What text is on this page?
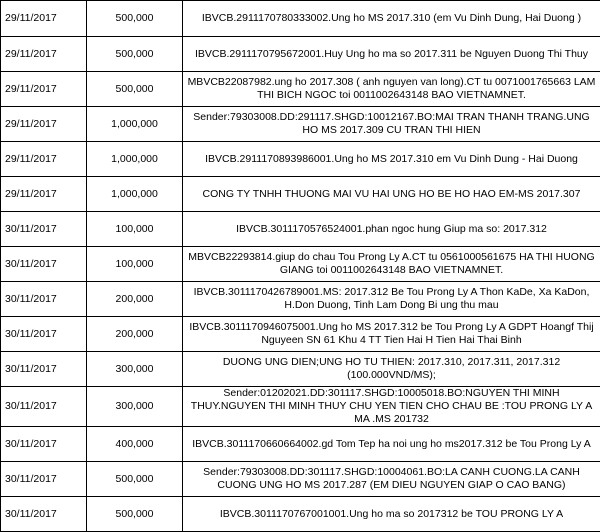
29/11/2017	500,000	IBVCB.2911170780333002.Ung ho MS 2017.310 (em Vu Dinh Dung, Hai Duong )
29/11/2017	500,000	IBVCB.2911170795672001.Huy Ung ho ma so 2017.311 be Nguyen Duong Thi Thuy
29/11/2017	500,000	MBVCB22087982.ung ho 2017.308 ( anh nguyen van long).CT tu 0071001765663 LAM THI BICH NGOC toi 0011002643148 BAO VIETNAMNET.
29/11/2017	1,000,000	Sender:79303008.DD:291117.SHGD:10012167.BO:MAI TRAN THANH TRANG.UNG HO MS 2017.309 CU TRAN THI HIEN
29/11/2017	1,000,000	IBVCB.2911170893986001.Ung ho MS 2017.310 em Vu Dinh Dung - Hai Duong
29/11/2017	1,000,000	CONG TY TNHH THUONG MAI VU HAI UNG HO BE HO HAO EM-MS 2017.307
30/11/2017	100,000	IBVCB.3011170576524001.phan ngoc hung Giup ma so: 2017.312
30/11/2017	100,000	MBVCB22293814.giup do chau Tou Prong Ly A.CT tu 0561000561675 HA THI HUONG GIANG toi 0011002643148 BAO VIETNAMNET.
30/11/2017	200,000	IBVCB.3011170426789001.MS: 2017.312 Be Tou Prong Ly A Thon KaDe, Xa KaDon, H.Don Duong, Tinh Lam Dong Bi ung thu mau
30/11/2017	200,000	IBVCB.3011170946075001.Ung ho MS 2017.312 be Tou Prong Ly A GDPT Hoangf Thij Nguyeen SN 61 Khu 4 TT Tien Hai H Tien Hai Thai Binh
30/11/2017	300,000	DUONG UNG DIEN;UNG HO TU THIEN: 2017.310, 2017.311, 2017.312 (100.000VND/MS);
30/11/2017	300,000	Sender:01202021.DD:301117.SHGD:10005018.BO:NGUYEN THI MINH THUY.NGUYEN THI MINH THUY CHU YEN TIEN CHO CHAU BE :TOU PRONG LY A MA .MS 201732
30/11/2017	400,000	IBVCB.3011170660664002.gd Tom Tep ha noi ung ho ms2017.312 be Tou Prong Ly A
30/11/2017	500,000	Sender:79303008.DD:301117.SHGD:10004061.BO:LA CANH CUONG.LA CANH CUONG UNG HO MS 2017.287 (EM DIEU NGUYEN GIAP O CAO BANG)
30/11/2017	500,000	IBVCB.3011170767001001.Ung ho ma so 2017312 be TOU PRONG LY A
